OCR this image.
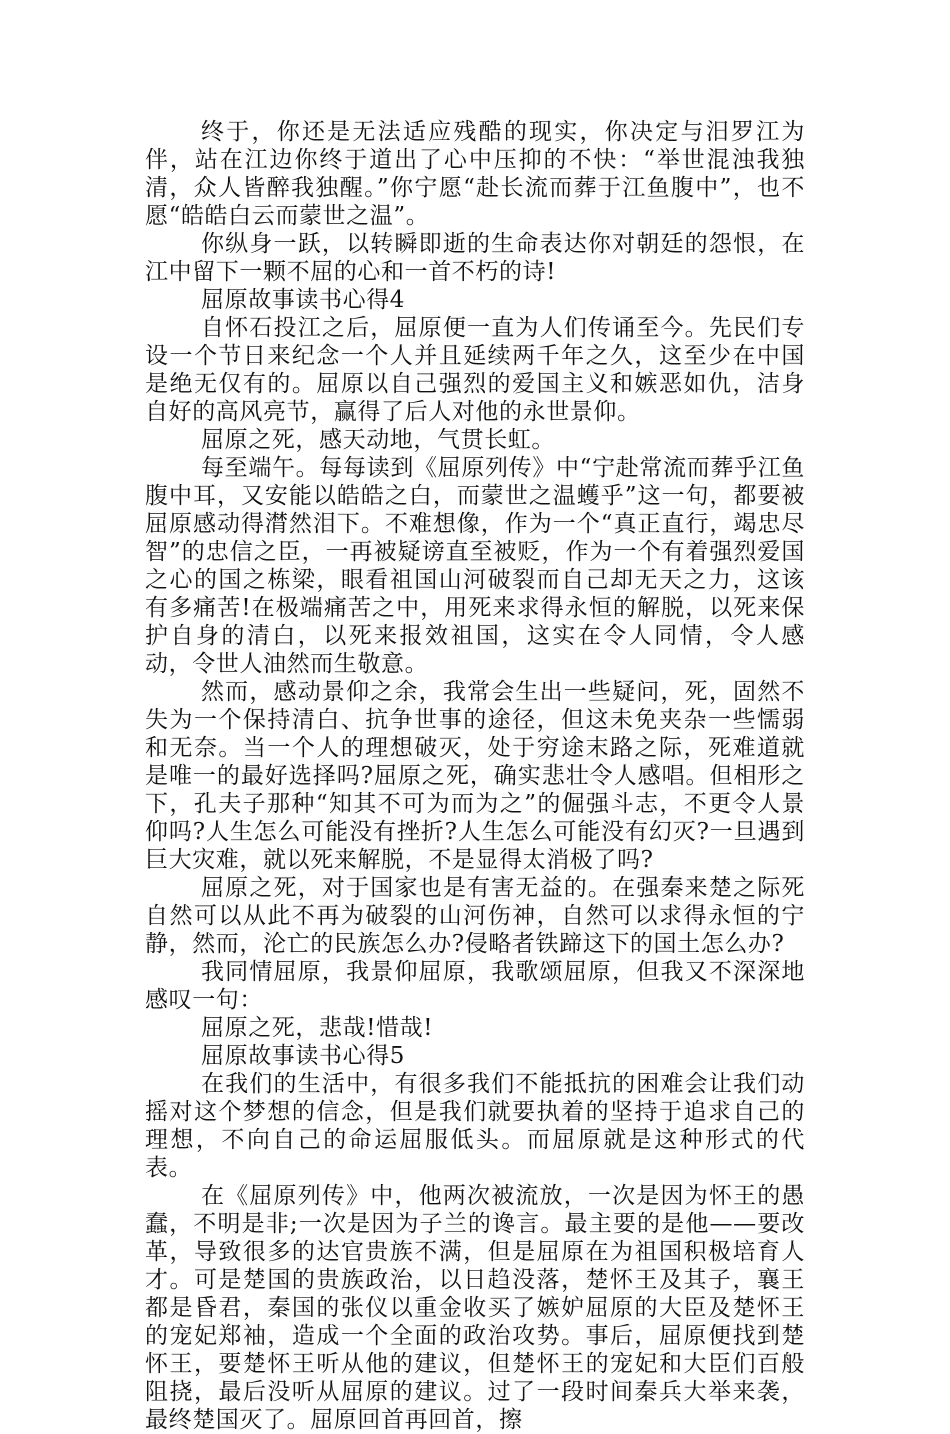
终于，你还是无法适应残酷的现实，你决定与汨罗江为伴，站在江边你终于道出了心中压抑的不快：“举世混浊我独清，众人皆醉我独醒。”你宁愿“赴长流而葬于江鱼腹中”，也不愿“皓皓白云而蒙世之温”。

你纵身一跃，以转瞬即逝的生命表达你对朝廷的怨恨，在江中留下一颗不屈的心和一首不朽的诗!

屈原故事读书心得4

自怀石投江之后，屈原便一直为人们传诵至今。先民们专设一个节日来纪念一个人并且延续两千年之久，这至少在中国是绝无仅有的。屈原以自己强烈的爱国主义和嫉恶如仇，洁身自好的高风亮节，赢得了后人对他的永世景仰。

屈原之死，感天动地，气贯长虹。

每至端午。每每读到《屈原列传》中“宁赴常流而葬乎江鱼腹中耳，又安能以皓皓之白，而蒙世之温蠖乎”这一句，都要被屈原感动得潸然泪下。不难想像，作为一个“真正直行，竭忠尽智”的忠信之臣，一再被疑谤直至被贬，作为一个有着强烈爱国之心的国之栋梁，眼看祖国山河破裂而自己却无天之力，这该有多痛苦!在极端痛苦之中，用死来求得永恒的解脱，以死来保护自身的清白，以死来报效祖国，这实在令人同情，令人感动，令世人油然而生敬意。

然而，感动景仰之余，我常会生出一些疑问，死，固然不失为一个保持清白、抗争世事的途径，但这未免夹杂一些懦弱和无奈。当一个人的理想破灭，处于穷途末路之际，死难道就是唯一的最好选择吗?屈原之死，确实悲壮令人感唱。但相形之下，孔夫子那种“知其不可为而为之”的倔强斗志，不更令人景仰吗?人生怎么可能没有挫折?人生怎么可能没有幻灭?一旦遇到巨大灾难，就以死来解脱，不是显得太消极了吗?

屈原之死，对于国家也是有害无益的。在强秦来楚之际死自然可以从此不再为破裂的山河伤神，自然可以求得永恒的宁静，然而，沦亡的民族怎么办?侵略者铁蹄这下的国土怎么办?

我同情屈原，我景仰屈原，我歌颂屈原，但我又不深深地感叹一句：

屈原之死，悲哉!惜哉!

屈原故事读书心得5

在我们的生活中，有很多我们不能抵抗的困难会让我们动摇对这个梦想的信念，但是我们就要执着的坚持于追求自己的理想，不向自己的命运屈服低头。而屈原就是这种形式的代表。

在《屈原列传》中，他两次被流放，一次是因为怀王的愚蠢，不明是非;一次是因为子兰的谗言。最主要的是他——要改革，导致很多的达官贵族不满，但是屈原在为祖国积极培育人才。可是楚国的贵族政治，以日趋没落，楚怀王及其子，襄王都是昏君，秦国的张仪以重金收买了嫉妒屈原的大臣及楚怀王的宠妃郑袖，造成一个全面的政治攻势。事后，屈原便找到楚怀王，要楚怀王听从他的建议，但楚怀王的宠妃和大臣们百般阻挠，最后没听从屈原的建议。过了一段时间秦兵大举来袭，最终楚国灭了。屈原回首再回首，擦
